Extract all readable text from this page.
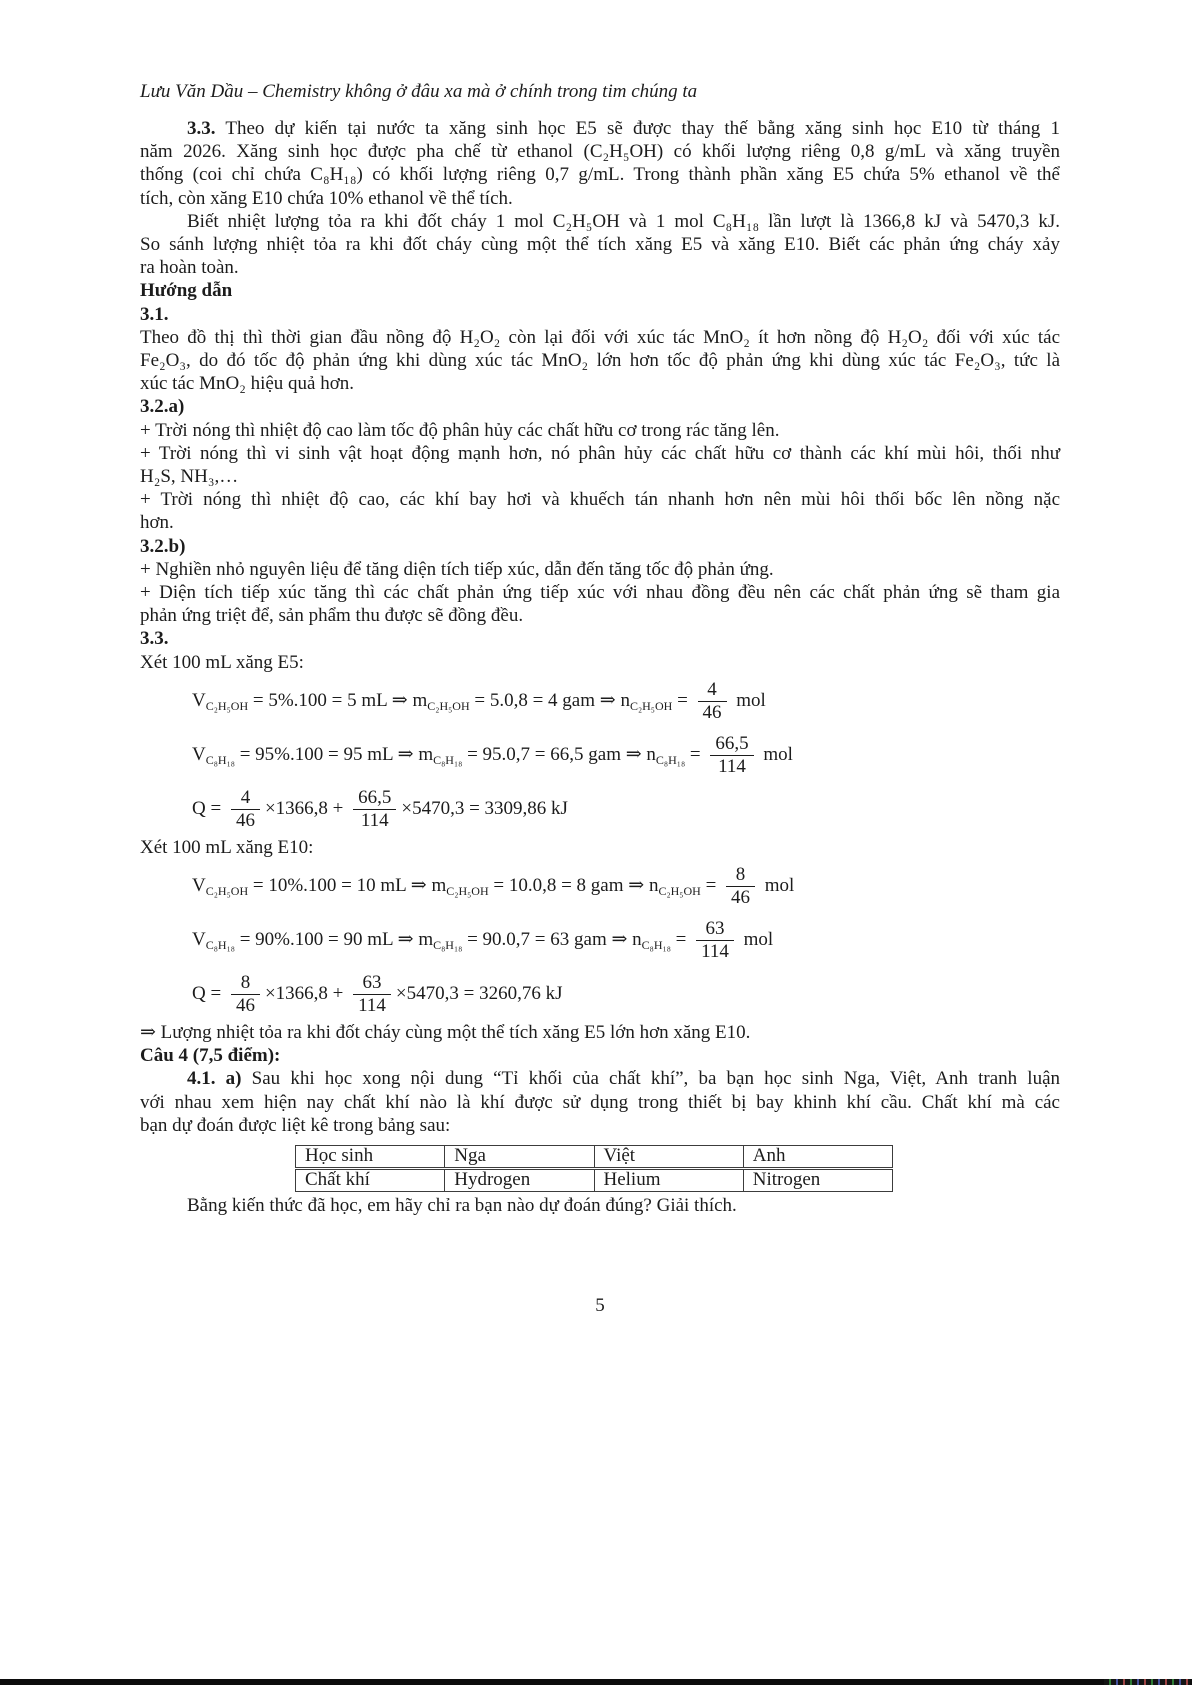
Lưu Văn Dầu – Chemistry không ở đâu xa mà ở chính trong tim chúng ta
3.3. Theo dự kiến tại nước ta xăng sinh học E5 sẽ được thay thế bằng xăng sinh học E10 từ tháng 1
năm 2026. Xăng sinh học được pha chế từ ethanol (C₂H₅OH) có khối lượng riêng 0,8 g/mL và xăng truyền
thống (coi chỉ chứa C₈H₁₈) có khối lượng riêng 0,7 g/mL. Trong thành phần xăng E5 chứa 5% ethanol về thể
tích, còn xăng E10 chứa 10% ethanol về thể tích.
Biết nhiệt lượng tỏa ra khi đốt cháy 1 mol C₂H₅OH và 1 mol C₈H₁₈ lần lượt là 1366,8 kJ và 5470,3 kJ.
So sánh lượng nhiệt tỏa ra khi đốt cháy cùng một thể tích xăng E5 và xăng E10. Biết các phản ứng cháy xảy
ra hoàn toàn.
Hướng dẫn
3.1.
Theo đồ thị thì thời gian đầu nồng độ H₂O₂ còn lại đối với xúc tác MnO₂ ít hơn nồng độ H₂O₂ đối với xúc tác
Fe₂O₃, do đó tốc độ phản ứng khi dùng xúc tác MnO₂ lớn hơn tốc độ phản ứng khi dùng xúc tác Fe₂O₃, tức là
xúc tác MnO₂ hiệu quả hơn.
3.2.a)
+ Trời nóng thì nhiệt độ cao làm tốc độ phân hủy các chất hữu cơ trong rác tăng lên.
+ Trời nóng thì vi sinh vật hoạt động mạnh hơn, nó phân hủy các chất hữu cơ thành các khí mùi hôi, thối như
H₂S, NH₃,…
+ Trời nóng thì nhiệt độ cao, các khí bay hơi và khuếch tán nhanh hơn nên mùi hôi thối bốc lên nồng nặc
hơn.
3.2.b)
+ Nghiền nhỏ nguyên liệu để tăng diện tích tiếp xúc, dẫn đến tăng tốc độ phản ứng.
+ Diện tích tiếp xúc tăng thì các chất phản ứng tiếp xúc với nhau đồng đều nên các chất phản ứng sẽ tham gia
phản ứng triệt để, sản phẩm thu được sẽ đồng đều.
3.3.
Xét 100 mL xăng E5:
$V_{C_2H_5OH} = 5\%.100 = 5$ mL ⇒ $m_{C_2H_5OH} = 5.0,8 = 4$ gam ⇒ $n_{C_2H_5OH} = \frac{4}{46}$ mol
$V_{C_8H_{18}} = 95\%.100 = 95$ mL ⇒ $m_{C_8H_{18}} = 95.0,7 = 66,5$ gam ⇒ $n_{C_8H_{18}} = \frac{66,5}{114}$ mol
$Q = \frac{4}{46} \times 1366,8 + \frac{66,5}{114} \times 5470,3 = 3309,86$ kJ
Xét 100 mL xăng E10:
$V_{C_2H_5OH} = 10\%.100 = 10$ mL ⇒ $m_{C_2H_5OH} = 10.0,8 = 8$ gam ⇒ $n_{C_2H_5OH} = \frac{8}{46}$ mol
$V_{C_8H_{18}} = 90\%.100 = 90$ mL ⇒ $m_{C_8H_{18}} = 90.0,7 = 63$ gam ⇒ $n_{C_8H_{18}} = \frac{63}{114}$ mol
$Q = \frac{8}{46} \times 1366,8 + \frac{63}{114} \times 5470,3 = 3260,76$ kJ
⇒ Lượng nhiệt tỏa ra khi đốt cháy cùng một thể tích xăng E5 lớn hơn xăng E10.
Câu 4 (7,5 điểm):
4.1. a) Sau khi học xong nội dung “Tỉ khối của chất khí”, ba bạn học sinh Nga, Việt, Anh tranh luận
với nhau xem hiện nay chất khí nào là khí được sử dụng trong thiết bị bay khinh khí cầu. Chất khí mà các
bạn dự đoán được liệt kê trong bảng sau:
Học sinh	Nga	Việt	Anh
Chất khí	Hydrogen	Helium	Nitrogen
Bằng kiến thức đã học, em hãy chỉ ra bạn nào dự đoán đúng? Giải thích.
5
